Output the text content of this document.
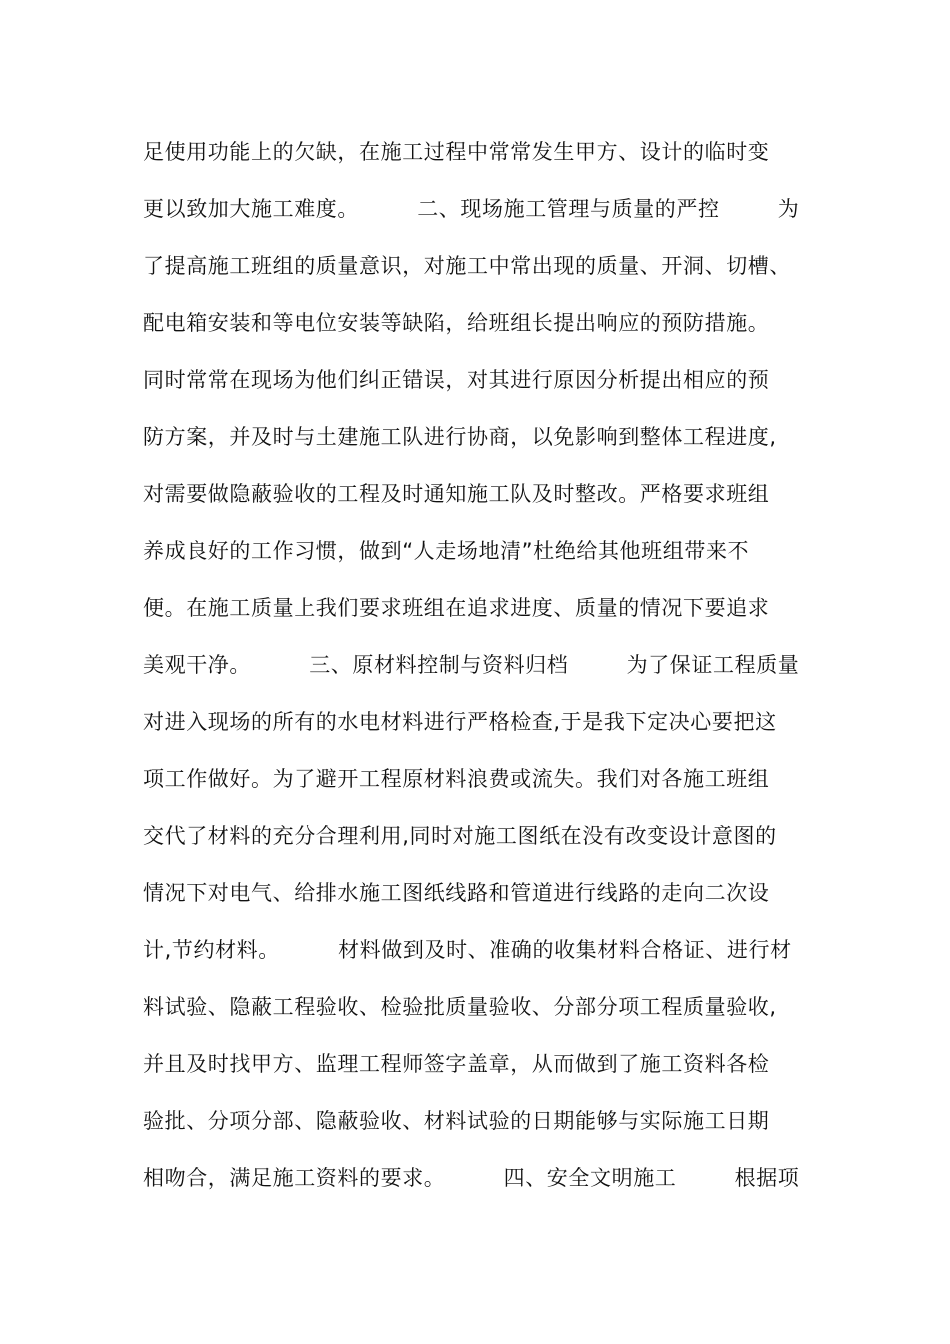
足使用功能上的欠缺，在施工过程中常常发生甲方、设计的临时变
更以致加大施工难度。        二、现场施工管理与质量的严控        为
了提高施工班组的质量意识，对施工中常出现的质量、开洞、切槽、
配电箱安装和等电位安装等缺陷，给班组长提出响应的预防措施。
同时常常在现场为他们纠正错误，对其进行原因分析提出相应的预
防方案，并及时与土建施工队进行协商，以免影响到整体工程进度,
对需要做隐蔽验收的工程及时通知施工队及时整改。严格要求班组
养成良好的工作习惯，做到“人走场地清”杜绝给其他班组带来不
便。在施工质量上我们要求班组在追求进度、质量的情况下要追求
美观干净。        三、原材料控制与资料归档        为了保证工程质量
对进入现场的所有的水电材料进行严格检查,于是我下定决心要把这
项工作做好。为了避开工程原材料浪费或流失。我们对各施工班组
交代了材料的充分合理利用,同时对施工图纸在没有改变设计意图的
情况下对电气、给排水施工图纸线路和管道进行线路的走向二次设
计,节约材料。        材料做到及时、准确的收集材料合格证、进行材
料试验、隐蔽工程验收、检验批质量验收、分部分项工程质量验收,
并且及时找甲方、监理工程师签字盖章，从而做到了施工资料各检
验批、分项分部、隐蔽验收、材料试验的日期能够与实际施工日期
相吻合，满足施工资料的要求。        四、安全文明施工        根据项
